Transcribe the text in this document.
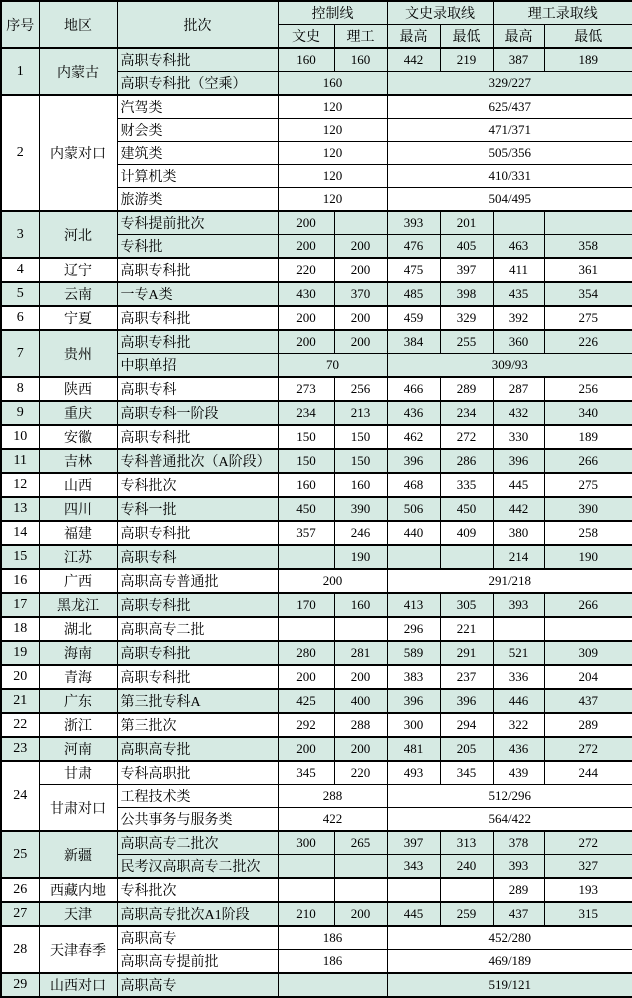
序号	地区	批次	控制线		文史录取线		理工录取线	
			文史	理工	最高	最低	最高	最低
1	内蒙古	高职专科批	160	160	442	219	387	189
		高职专科批（空乘）	160		329/227			
2	内蒙对口	汽驾类	120		625/437			
		财会类	120		471/371			
		建筑类	120		505/356			
		计算机类	120		410/331			
		旅游类	120		504/495			
3	河北	专科提前批次	200		393	201		
		专科批	200	200	476	405	463	358
4	辽宁	高职专科批	220	200	475	397	411	361
5	云南	一专A类	430	370	485	398	435	354
6	宁夏	高职专科批	200	200	459	329	392	275
7	贵州	高职专科批	200	200	384	255	360	226
		中职单招	70		309/93			
8	陕西	高职专科	273	256	466	289	287	256
9	重庆	高职专科一阶段	234	213	436	234	432	340
10	安徽	高职专科批	150	150	462	272	330	189
11	吉林	专科普通批次（A阶段）	150	150	396	286	396	266
12	山西	专科批次	160	160	468	335	445	275
13	四川	专科一批	450	390	506	450	442	390
14	福建	高职专科批	357	246	440	409	380	258
15	江苏	高职专科		190			214	190
16	广西	高职高专普通批	200		291/218			
17	黑龙江	高职专科批	170	160	413	305	393	266
18	湖北	高职高专二批			296	221		
19	海南	高职专科批	280	281	589	291	521	309
20	青海	高职专科批	200	200	383	237	336	204
21	广东	第三批专科A	425	400	396	396	446	437
22	浙江	第三批次	292	288	300	294	322	289
23	河南	高职高专批	200	200	481	205	436	272
24	甘肃	专科高职批	345	220	493	345	439	244
	甘肃对口	工程技术类	288		512/296			
		公共事务与服务类	422		564/422			
25	新疆	高职高专二批次	300	265	397	313	378	272
		民考汉高职高专二批次			343	240	393	327
26	西藏内地	专科批次					289	193
27	天津	高职高专批次A1阶段	210	200	445	259	437	315
28	天津春季	高职高专	186		452/280			
		高职高专提前批	186		469/189			
29	山西对口	高职高专			519/121			
